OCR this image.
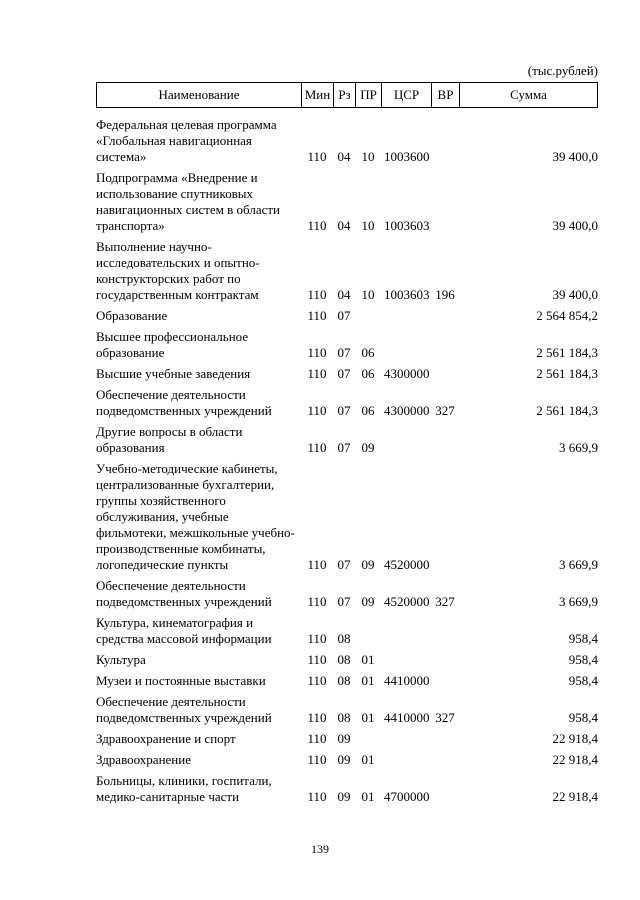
(тыс.рублей)
Наименование	Мин Рз ПР	ЦСР	ВР	Сумма
Федеральная целевая программа «Глобальная навигационная система»	110 04 10 1003600	39 400,0
Подпрограмма «Внедрение и использование спутниковых навигационных систем в области транспорта»	110 04 10 1003603	39 400,0
Выполнение научно-исследовательских и опытно-конструкторских работ по государственным контрактам	110 04 10 1003603 196	39 400,0
Образование	110 07	2 564 854,2
Высшее профессиональное образование	110 07 06	2 561 184,3
Высшие учебные заведения	110 07 06 4300000	2 561 184,3
Обеспечение деятельности подведомственных учреждений	110 07 06 4300000 327	2 561 184,3
Другие вопросы в области образования	110 07 09	3 669,9
Учебно-методические кабинеты, централизованные бухгалтерии, группы хозяйственного обслуживания, учебные фильмотеки, межшкольные учебно-производственные комбинаты, логопедические пункты	110 07 09 4520000	3 669,9
Обеспечение деятельности подведомственных учреждений	110 07 09 4520000 327	3 669,9
Культура, кинематография и средства массовой информации	110 08	958,4
Культура	110 08 01	958,4
Музеи и постоянные выставки	110 08 01 4410000	958,4
Обеспечение деятельности подведомственных учреждений	110 08 01 4410000 327	958,4
Здравоохранение и спорт	110 09	22 918,4
Здравоохранение	110 09 01	22 918,4
Больницы, клиники, госпитали, медико-санитарные части	110 09 01 4700000	22 918,4
139
